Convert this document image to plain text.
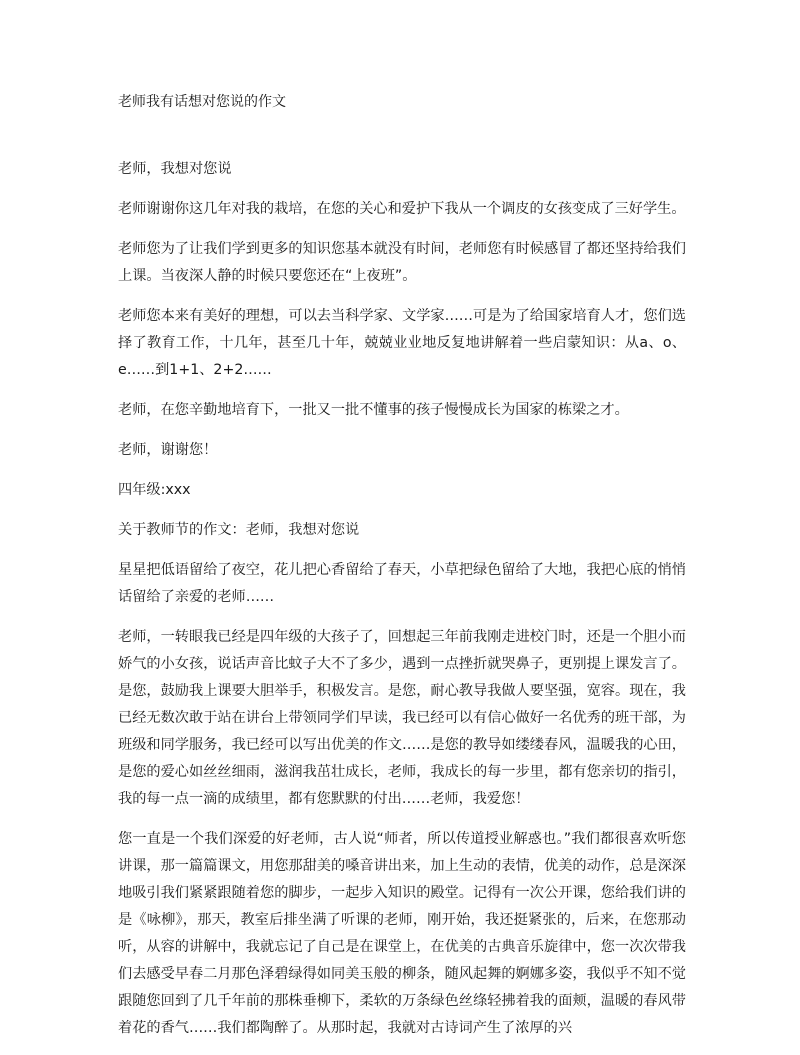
老师我有话想对您说的作文

老师，我想对您说

老师谢谢你这几年对我的栽培，在您的关心和爱护下我从一个调皮的女孩变成了三好学生。

老师您为了让我们学到更多的知识您基本就没有时间，老师您有时候感冒了都还坚持给我们上课。当夜深人静的时候只要您还在“上夜班”。

老师您本来有美好的理想，可以去当科学家、文学家……可是为了给国家培育人才，您们选择了教育工作，十几年，甚至几十年，兢兢业业地反复地讲解着一些启蒙知识：从a、o、e……到1+1、2+2……

老师，在您辛勤地培育下，一批又一批不懂事的孩子慢慢成长为国家的栋梁之才。

老师，谢谢您！

四年级:xxx

关于教师节的作文：老师，我想对您说

星星把低语留给了夜空，花儿把心香留给了春天，小草把绿色留给了大地，我把心底的悄悄话留给了亲爱的老师……

老师，一转眼我已经是四年级的大孩子了，回想起三年前我刚走进校门时，还是一个胆小而娇气的小女孩，说话声音比蚊子大不了多少，遇到一点挫折就哭鼻子，更别提上课发言了。是您，鼓励我上课要大胆举手，积极发言。是您，耐心教导我做人要坚强，宽容。现在，我已经无数次敢于站在讲台上带领同学们早读，我已经可以有信心做好一名优秀的班干部，为班级和同学服务，我已经可以写出优美的作文……是您的教导如缕缕春风，温暖我的心田，是您的爱心如丝丝细雨，滋润我茁壮成长，老师，我成长的每一步里，都有您亲切的指引，我的每一点一滴的成绩里，都有您默默的付出……老师，我爱您！

您一直是一个我们深爱的好老师，古人说“师者，所以传道授业解惑也。”我们都很喜欢听您讲课，那一篇篇课文，用您那甜美的嗓音讲出来，加上生动的表情，优美的动作，总是深深地吸引我们紧紧跟随着您的脚步，一起步入知识的殿堂。记得有一次公开课，您给我们讲的是《咏柳》，那天，教室后排坐满了听课的老师，刚开始，我还挺紧张的，后来，在您那动听，从容的讲解中，我就忘记了自己是在课堂上，在优美的古典音乐旋律中，您一次次带我们去感受早春二月那色泽碧绿得如同美玉般的柳条，随风起舞的婀娜多姿，我似乎不知不觉跟随您回到了几千年前的那株垂柳下，柔软的万条绿色丝绦轻拂着我的面颊，温暖的春风带着花的香气……我们都陶醉了。从那时起，我就对古诗词产生了浓厚的兴
